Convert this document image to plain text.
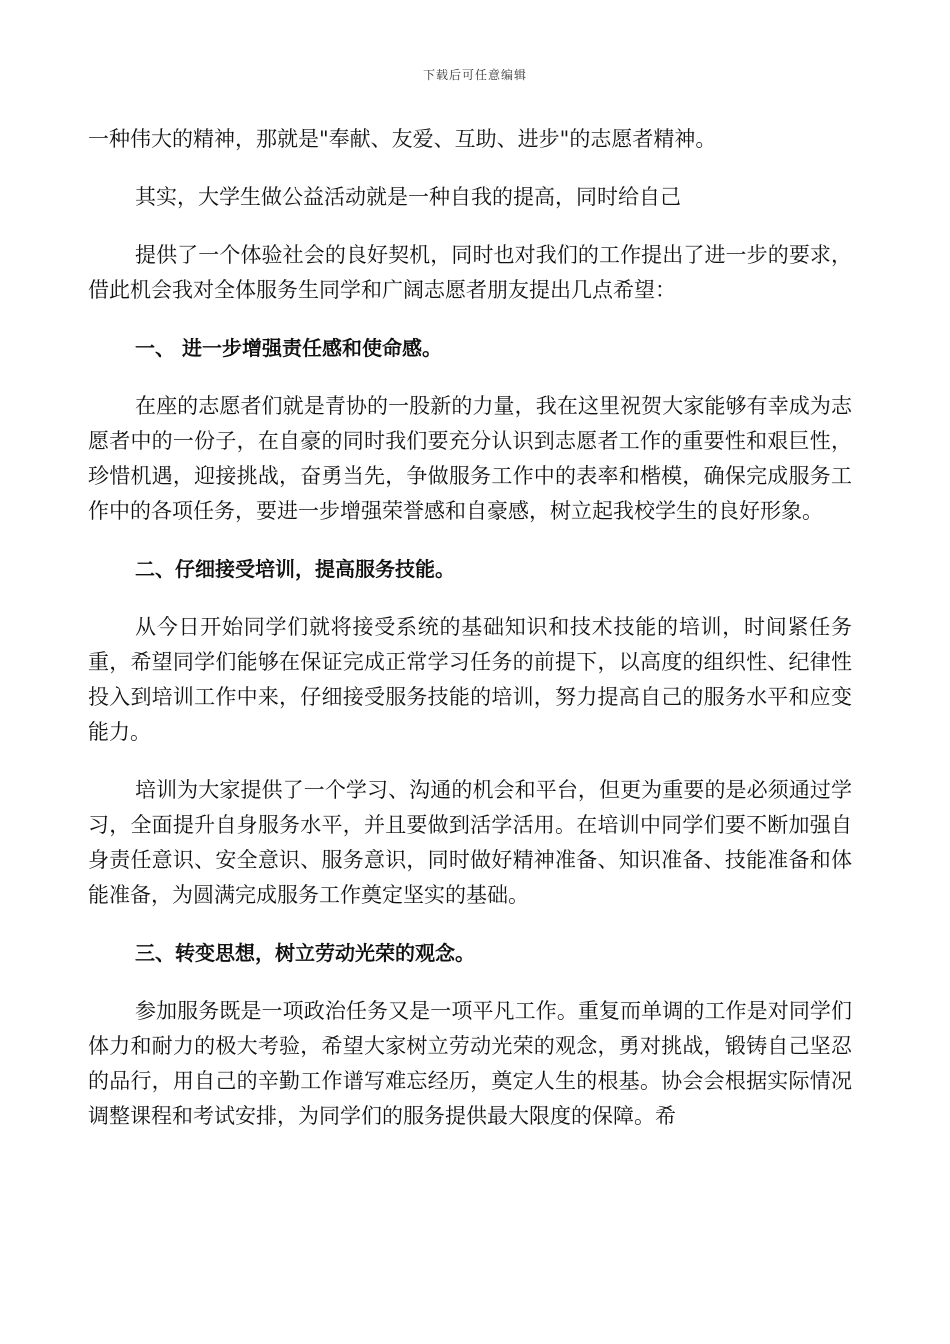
下载后可任意编辑

一种伟大的精神，那就是"奉献、友爱、互助、进步"的志愿者精神。

其实，大学生做公益活动就是一种自我的提高，同时给自己

提供了一个体验社会的良好契机，同时也对我们的工作提出了进一步的要求，借此机会我对全体服务生同学和广阔志愿者朋友提出几点希望：

一、 进一步增强责任感和使命感。

在座的志愿者们就是青协的一股新的力量，我在这里祝贺大家能够有幸成为志愿者中的一份子，在自豪的同时我们要充分认识到志愿者工作的重要性和艰巨性，珍惜机遇，迎接挑战，奋勇当先，争做服务工作中的表率和楷模，确保完成服务工作中的各项任务，要进一步增强荣誉感和自豪感，树立起我校学生的良好形象。

二、仔细接受培训，提高服务技能。

从今日开始同学们就将接受系统的基础知识和技术技能的培训，时间紧任务重，希望同学们能够在保证完成正常学习任务的前提下，以高度的组织性、纪律性投入到培训工作中来，仔细接受服务技能的培训，努力提高自己的服务水平和应变能力。

培训为大家提供了一个学习、沟通的机会和平台，但更为重要的是必须通过学习，全面提升自身服务水平，并且要做到活学活用。在培训中同学们要不断加强自身责任意识、安全意识、服务意识，同时做好精神准备、知识准备、技能准备和体能准备，为圆满完成服务工作奠定坚实的基础。

三、转变思想，树立劳动光荣的观念。

参加服务既是一项政治任务又是一项平凡工作。重复而单调的工作是对同学们体力和耐力的极大考验，希望大家树立劳动光荣的观念，勇对挑战，锻铸自己坚忍的品行，用自己的辛勤工作谱写难忘经历，奠定人生的根基。协会会根据实际情况调整课程和考试安排，为同学们的服务提供最大限度的保障。希
